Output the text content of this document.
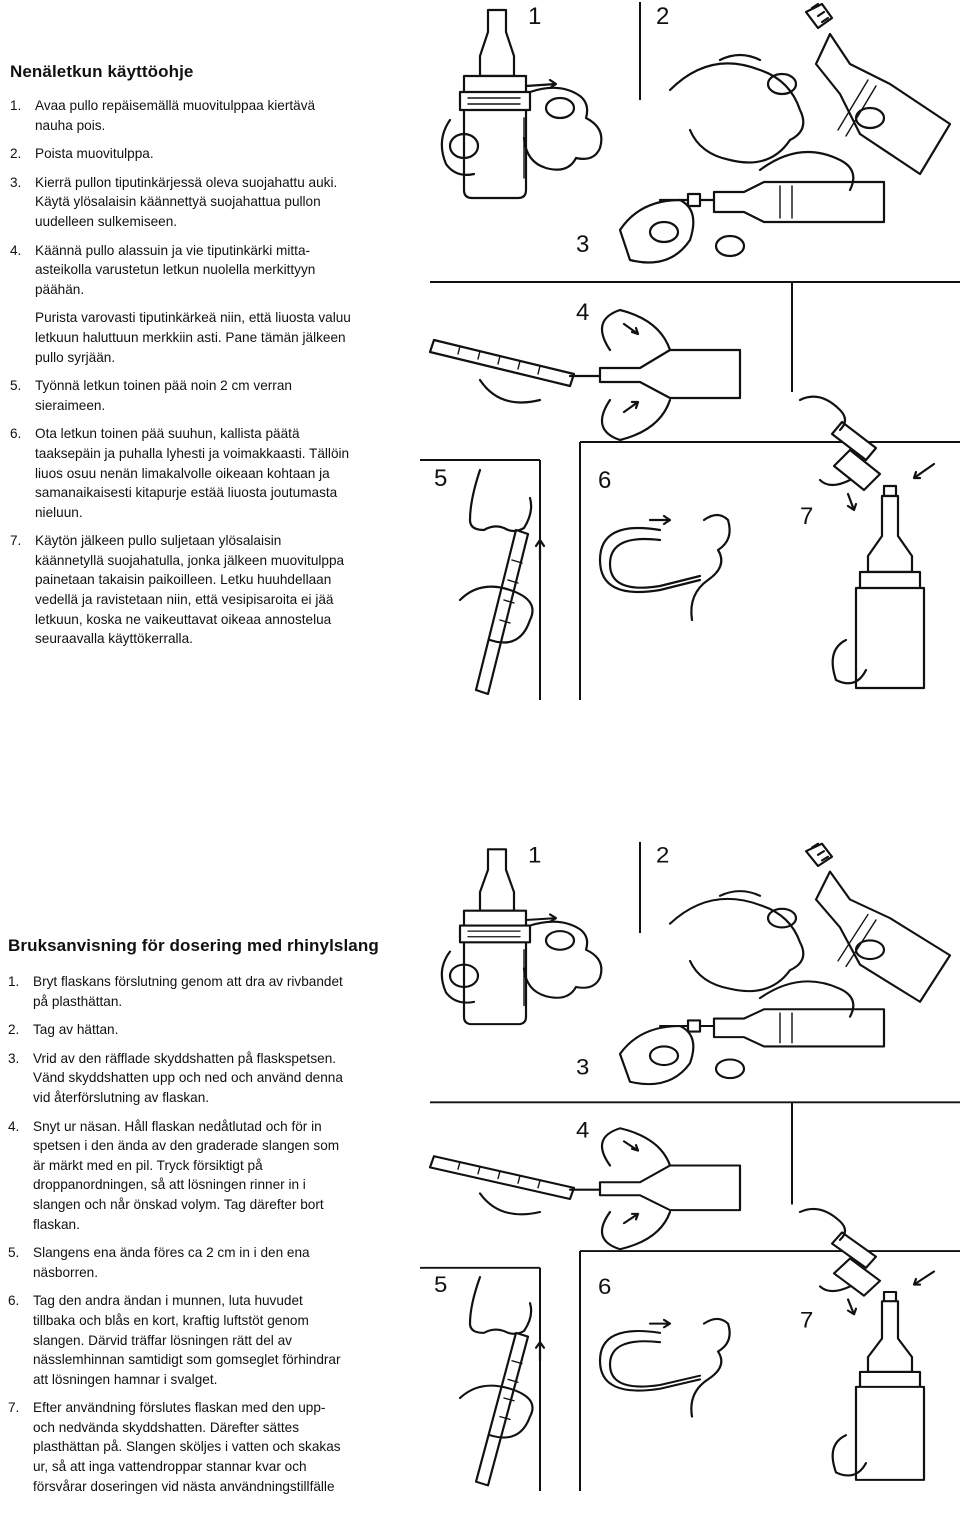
Nenäletkun käyttöohje
1. Avaa pullo repäisemällä muovitulppaa kiertävä
nauha pois.
2. Poista muovitulppa.
3. Kierrä pullon tiputinkärjessä oleva suojahattu auki.
Käytä ylösalaisin käännettyä suojahattua pullon
uudelleen sulkemiseen.
4. Käännä pullo alassuin ja vie tiputinkärki mitta-
asteikolla varustetun letkun nuolella merkittyyn
päähän.
Purista varovasti tiputinkärkeä niin, että liuosta valuu
letkuun haluttuun merkkiin asti. Pane tämän jälkeen
pullo syrjään.
5. Työnnä letkun toinen pää noin 2 cm verran
sieraimeen.
6. Ota letkun toinen pää suuhun, kallista päätä
taaksepäin ja puhalla lyhesti ja voimakkaasti. Tällöin
liuos osuu nenän limakalvolle oikeaan kohtaan ja
samanaikaisesti kitapurje estää liuosta joutumasta
nieluun.
7. Käytön jälkeen pullo suljetaan ylösalaisin
käännetyllä suojahatulla, jonka jälkeen muovitulppa
painetaan takaisin paikoilleen. Letku huuhdellaan
vedellä ja ravistetaan niin, että vesipisaroita ei jää
letkuun, koska ne vaikeuttavat oikeaa annostelua
seuraavalla käyttökerralla.
3
4
5	6
7
1	2
Bruksanvisning för dosering med rhinylslang
1. Bryt flaskans förslutning genom att dra av rivbandet
på plasthättan.
2. Tag av hättan.
3. Vrid av den räfflade skyddshatten på flaskspetsen.
Vänd skyddshatten upp och ned och använd denna
vid återförslutning av flaskan.
4. Snyt ur näsan. Håll flaskan nedåtlutad och för in
spetsen i den ända av den graderade slangen som
är märkt med en pil. Tryck försiktigt på
droppanordningen, så att lösningen rinner in i
slangen och når önskad volym. Tag därefter bort
flaskan.
5. Slangens ena ända föres ca 2 cm in i den ena
näsborren.
6. Tag den andra ändan i munnen, luta huvudet
tillbaka och blås en kort, kraftig luftstöt genom
slangen. Därvid träffar lösningen rätt del av
nässlemhinnan samtidigt som gomseglet förhindrar
att lösningen hamnar i svalget.
7. Efter användning förslutes flaskan med den upp-
och nedvända skyddshatten. Därefter sättes
plasthättan på. Slangen sköljes i vatten och skakas
ur, så att inga vattendroppar stannar kvar och
försvårar doseringen vid nästa användningstillfälle
3
4
5	6
7
1	2
